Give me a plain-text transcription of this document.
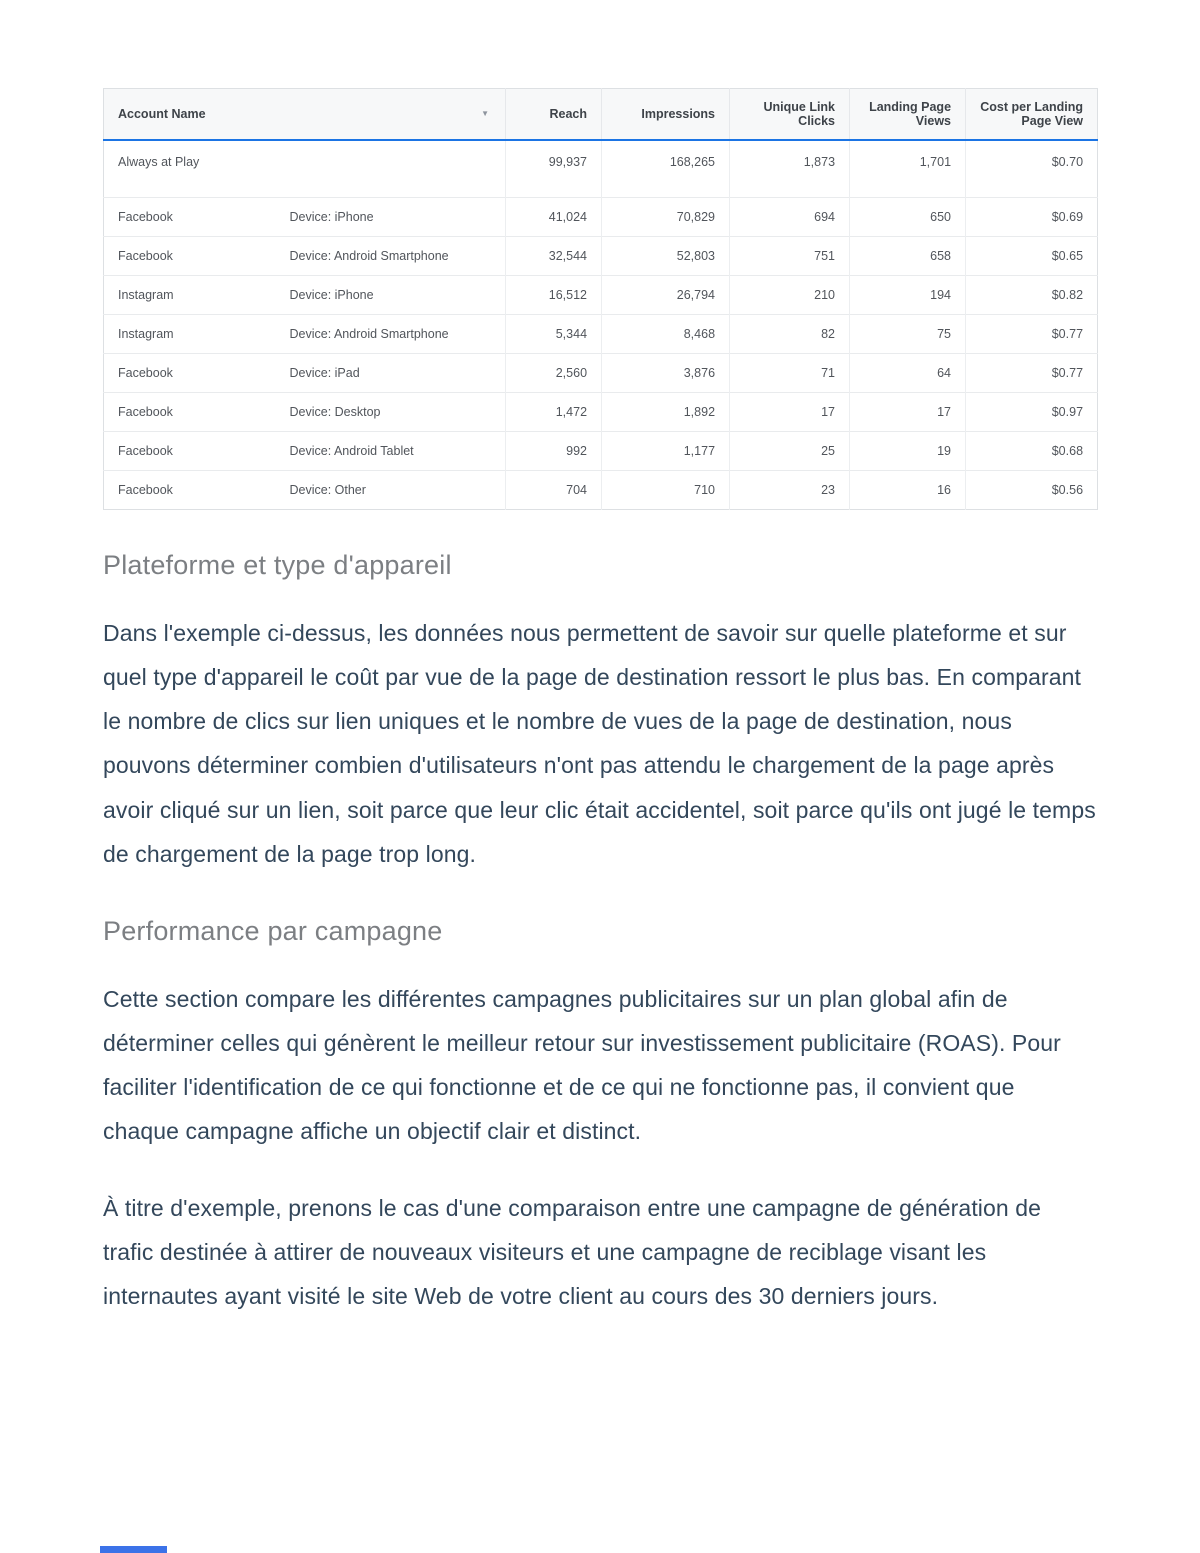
Account Name ▼		Reach	Impressions	Unique Link Clicks	Landing Page Views	Cost per Landing Page View
Always at Play		99,937	168,265	1,873	1,701	$0.70
Facebook	Device: iPhone	41,024	70,829	694	650	$0.69
Facebook	Device: Android Smartphone	32,544	52,803	751	658	$0.65
Instagram	Device: iPhone	16,512	26,794	210	194	$0.82
Instagram	Device: Android Smartphone	5,344	8,468	82	75	$0.77
Facebook	Device: iPad	2,560	3,876	71	64	$0.77
Facebook	Device: Desktop	1,472	1,892	17	17	$0.97
Facebook	Device: Android Tablet	992	1,177	25	19	$0.68
Facebook	Device: Other	704	710	23	16	$0.56
Plateforme et type d'appareil

Dans l'exemple ci-dessus, les données nous permettent de savoir sur quelle plateforme et sur quel type d'appareil le coût par vue de la page de destination ressort le plus bas. En comparant le nombre de clics sur lien uniques et le nombre de vues de la page de destination, nous pouvons déterminer combien d'utilisateurs n'ont pas attendu le chargement de la page après avoir cliqué sur un lien, soit parce que leur clic était accidentel, soit parce qu'ils ont jugé le temps de chargement de la page trop long.

Performance par campagne

Cette section compare les différentes campagnes publicitaires sur un plan global afin de déterminer celles qui génèrent le meilleur retour sur investissement publicitaire (ROAS). Pour faciliter l'identification de ce qui fonctionne et de ce qui ne fonctionne pas, il convient que chaque campagne affiche un objectif clair et distinct.

À titre d'exemple, prenons le cas d'une comparaison entre une campagne de génération de trafic destinée à attirer de nouveaux visiteurs et une campagne de reciblage visant les internautes ayant visité le site Web de votre client au cours des 30 derniers jours.
